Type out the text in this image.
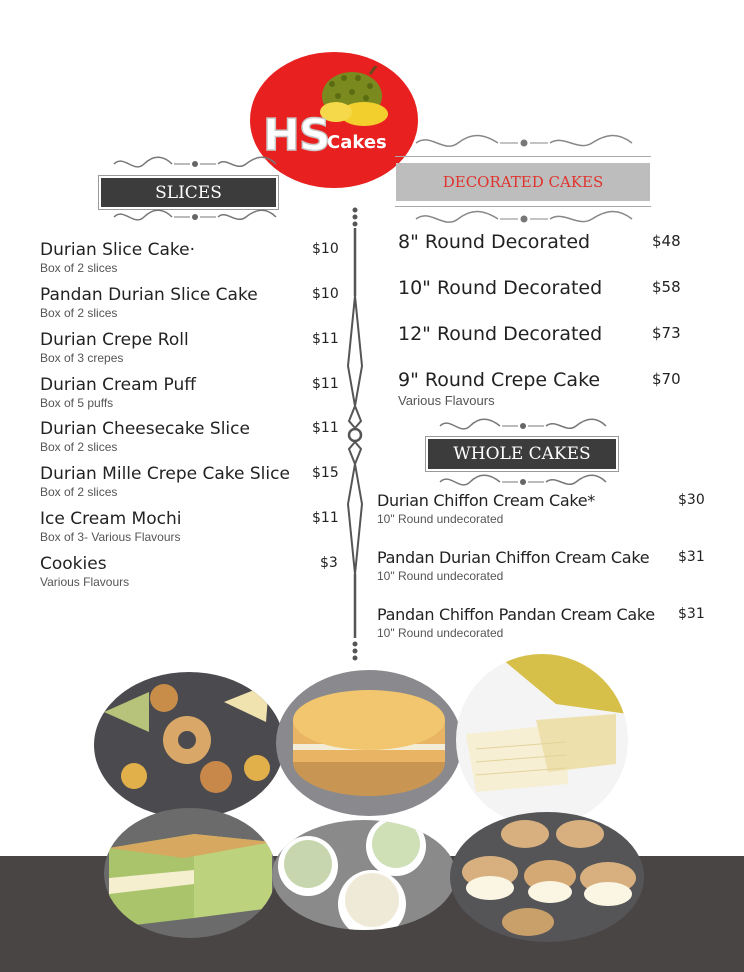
HS
Cakes
SLICES
DECORATED CAKES
Durian Slice Cake·
Box of 2 slices
$10
Pandan Durian Slice Cake
Box of 2 slices
$10
Durian Crepe Roll
Box of 3 crepes
$11
Durian Cream Puff
Box of 5 puffs
$11
Durian Cheesecake Slice
Box of 2 slices
$11
Durian Mille Crepe Cake Slice
Box of 2 slices
$15
Ice Cream Mochi
Box of 3- Various Flavours
$11
Cookies
Various Flavours
$3
8" Round Decorated	$48
10" Round Decorated	$58
12" Round Decorated	$73
9" Round Crepe Cake
Various Flavours
$70
WHOLE CAKES
Durian Chiffon Cream Cake*
10" Round undecorated
$30
Pandan Durian Chiffon Cream Cake
10" Round undecorated
$31
Pandan Chiffon Pandan Cream Cake
10" Round undecorated
$31
